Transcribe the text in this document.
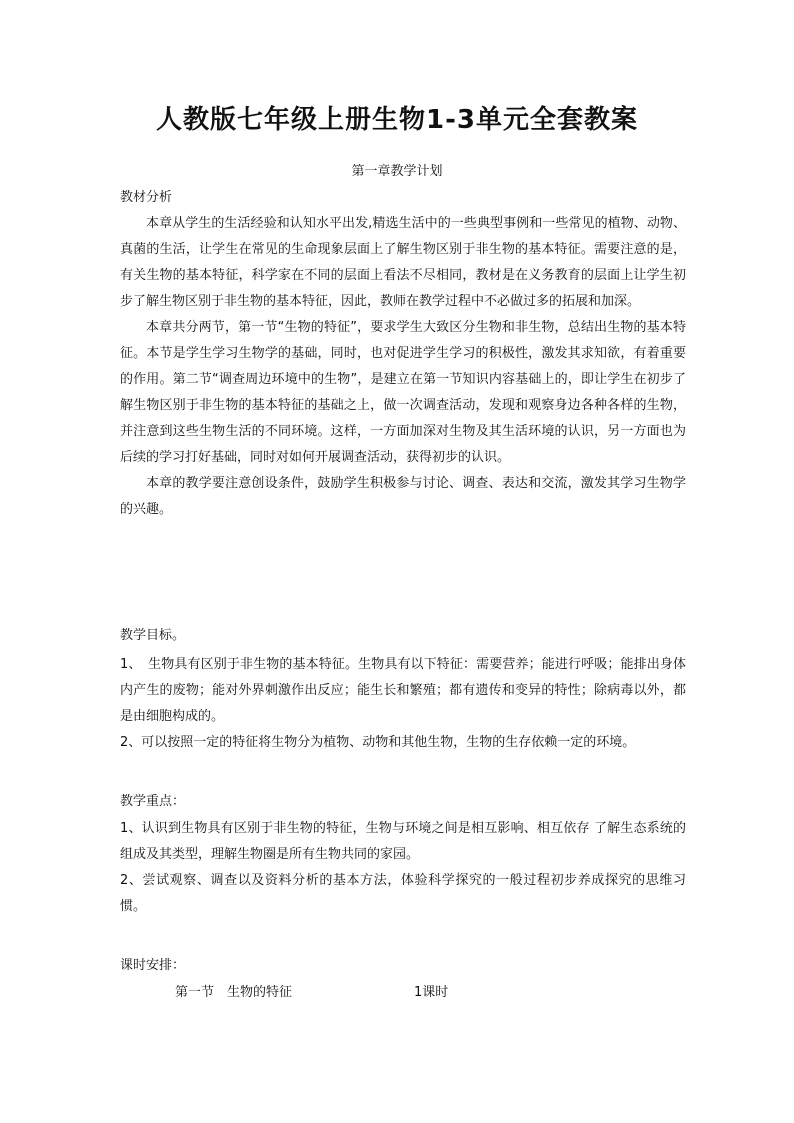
人教版七年级上册生物1-3单元全套教案
第一章教学计划
教材分析

本章从学生的生活经验和认知水平出发,精选生活中的一些典型事例和一些常见的植物、动物、真菌的生活，让学生在常见的生命现象层面上了解生物区别于非生物的基本特征。需要注意的是，有关生物的基本特征，科学家在不同的层面上看法不尽相同，教材是在义务教育的层面上让学生初步了解生物区别于非生物的基本特征，因此，教师在教学过程中不必做过多的拓展和加深。

本章共分两节，第一节“生物的特征”，要求学生大致区分生物和非生物，总结出生物的基本特征。本节是学生学习生物学的基础，同时，也对促进学生学习的积极性，激发其求知欲，有着重要的作用。第二节“调查周边环境中的生物”，是建立在第一节知识内容基础上的，即让学生在初步了解生物区别于非生物的基本特征的基础之上，做一次调查活动，发现和观察身边各种各样的生物，并注意到这些生物生活的不同环境。这样，一方面加深对生物及其生活环境的认识，另一方面也为后续的学习打好基础，同时对如何开展调查活动，获得初步的认识。

本章的教学要注意创设条件，鼓励学生积极参与讨论、调查、表达和交流，激发其学习生物学的兴趣。

教学目标。

1、　生物具有区别于非生物的基本特征。生物具有以下特征：需要营养；能进行呼吸；能排出身体内产生的废物；能对外界刺激作出反应；能生长和繁殖；都有遗传和变异的特性；除病毒以外，都是由细胞构成的。

2、可以按照一定的特征将生物分为植物、动物和其他生物，生物的生存依赖一定的环境。

教学重点：

1、认识到生物具有区别于非生物的特征，生物与环境之间是相互影响、相互依存 了解生态系统的组成及其类型，理解生物圈是所有生物共同的家园。

2、尝试观察、调查以及资料分析的基本方法，体验科学探究的一般过程初步养成探究的思维习惯。

课时安排：
第一节　生物的特征	1课时
